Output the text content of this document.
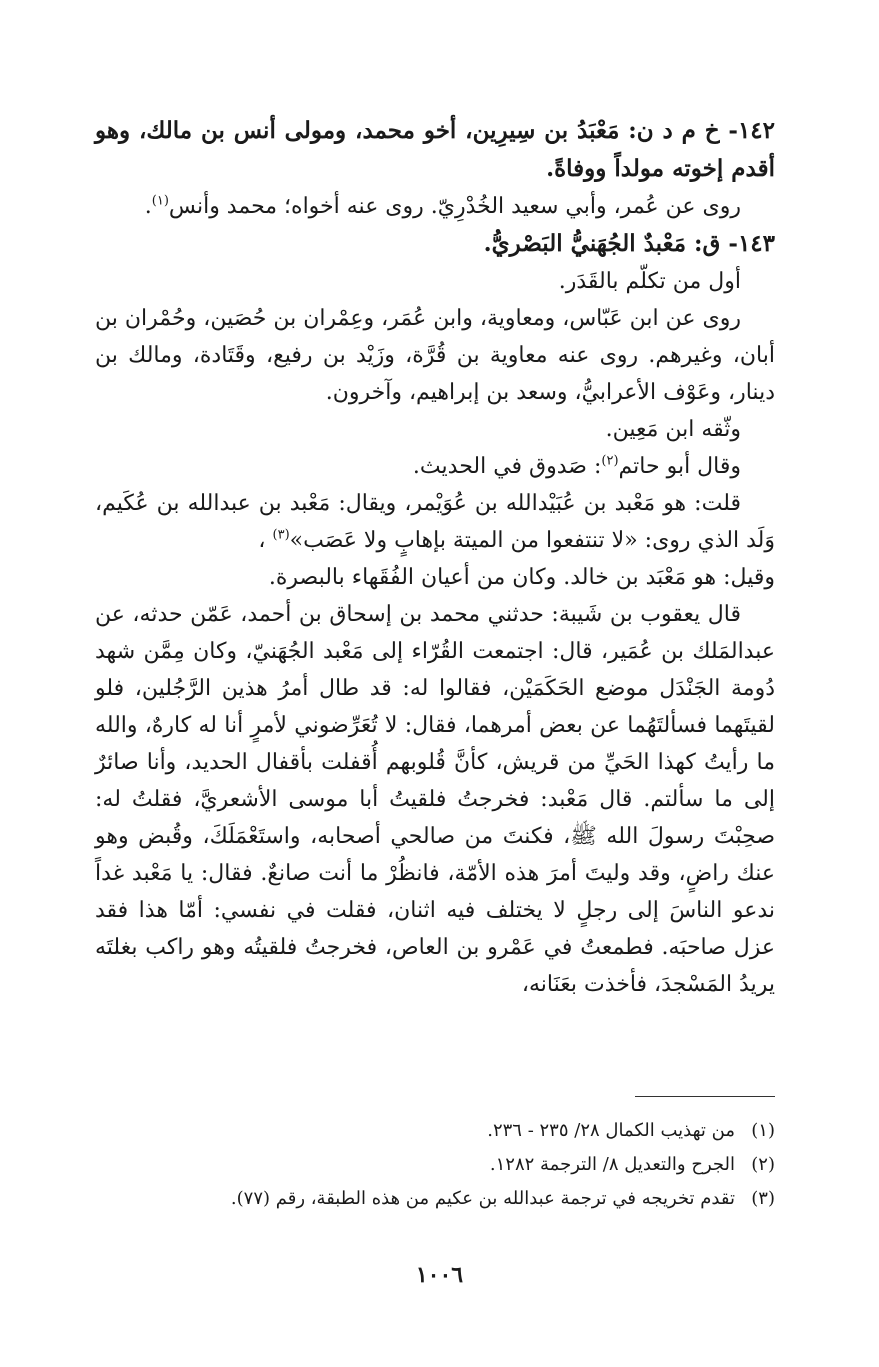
١٤٢- خ م د ن: مَعْبَدُ بن سِيرِين، أخو محمد، ومولى أنس بن مالك، وهو أقدم إخوته مولداً ووفاةً.

روى عن عُمر، وأبي سعيد الخُدْرِيّ. روى عنه أخواه؛ محمد وأنس$^{(١)}$.

١٤٣- ق: مَعْبدٌ الجُهَنيُّ البَصْريُّ.

أول من تكلّم بالقَدَر.

روى عن ابن عَبّاس، ومعاوية، وابن عُمَر، وعِمْران بن حُصَين، وحُمْران بن أبان، وغيرهم. روى عنه معاوية بن قُرَّة، وزَيْد بن رفيع، وقَتَادة، ومالك بن دينار، وعَوْف الأعرابيُّ، وسعد بن إبراهيم، وآخرون.

وثّقه ابن مَعِين.

وقال أبو حاتم$^{(٢)}$: صَدوق في الحديث.

قلت: هو مَعْبد بن عُبَيْدالله بن عُوَيْمر، ويقال: مَعْبد بن عبدالله بن عُكَيم، وَلَد الذي روى: «لا تنتفعوا من الميتة بإهابٍ ولا عَصَب»$^{(٣)}$ ،

وقيل: هو مَعْبَد بن خالد. وكان من أعيان الفُقَهاء بالبصرة.

قال يعقوب بن شَيبة: حدثني محمد بن إسحاق بن أحمد، عَمّن حدثه، عن عبدالمَلك بن عُمَير، قال: اجتمعت القُرّاء إلى مَعْبد الجُهَنيّ، وكان مِمَّن شهد دُومة الجَنْدَل موضع الحَكَمَيْن، فقالوا له: قد طال أمرُ هذين الرَّجُلين، فلو لقيتَهما فسألتَهُما عن بعض أمرهما، فقال: لا تُعَرِّضوني لأمرٍ أنا له كارهٌ، والله ما رأيتُ كهذا الحَيِّ من قريش، كأنَّ قُلوبهم أُقفلت بأقفال الحديد، وأنا صائرٌ إلى ما سألتم. قال مَعْبد: فخرجتُ فلقيتُ أبا موسى الأشعريَّ، فقلتُ له: صحِبْتَ رسولَ الله ﷺ، فكنتَ من صالحي أصحابه، واستَعْمَلَكَ، وقُبض وهو عنك راضٍ، وقد وليتَ أمرَ هذه الأمّة، فانظُرْ ما أنت صانعٌ. فقال: يا مَعْبد غداً ندعو الناسَ إلى رجلٍ لا يختلف فيه اثنان، فقلت في نفسي: أمّا هذا فقد عزل صاحبَه. فطمعتُ في عَمْرو بن العاص، فخرجتُ فلقيتُه وهو راكب بغلتَه يريدُ المَسْجدَ، فأخذت بعَنَانه،

(١)من تهذيب الكمال ٢٨/ ٢٣٥ - ٢٣٦.

(٢)الجرح والتعديل ٨/ الترجمة ١٢٨٢.

(٣)تقدم تخريجه في ترجمة عبدالله بن عكيم من هذه الطبقة، رقم (٧٧).

١٠٠٦
